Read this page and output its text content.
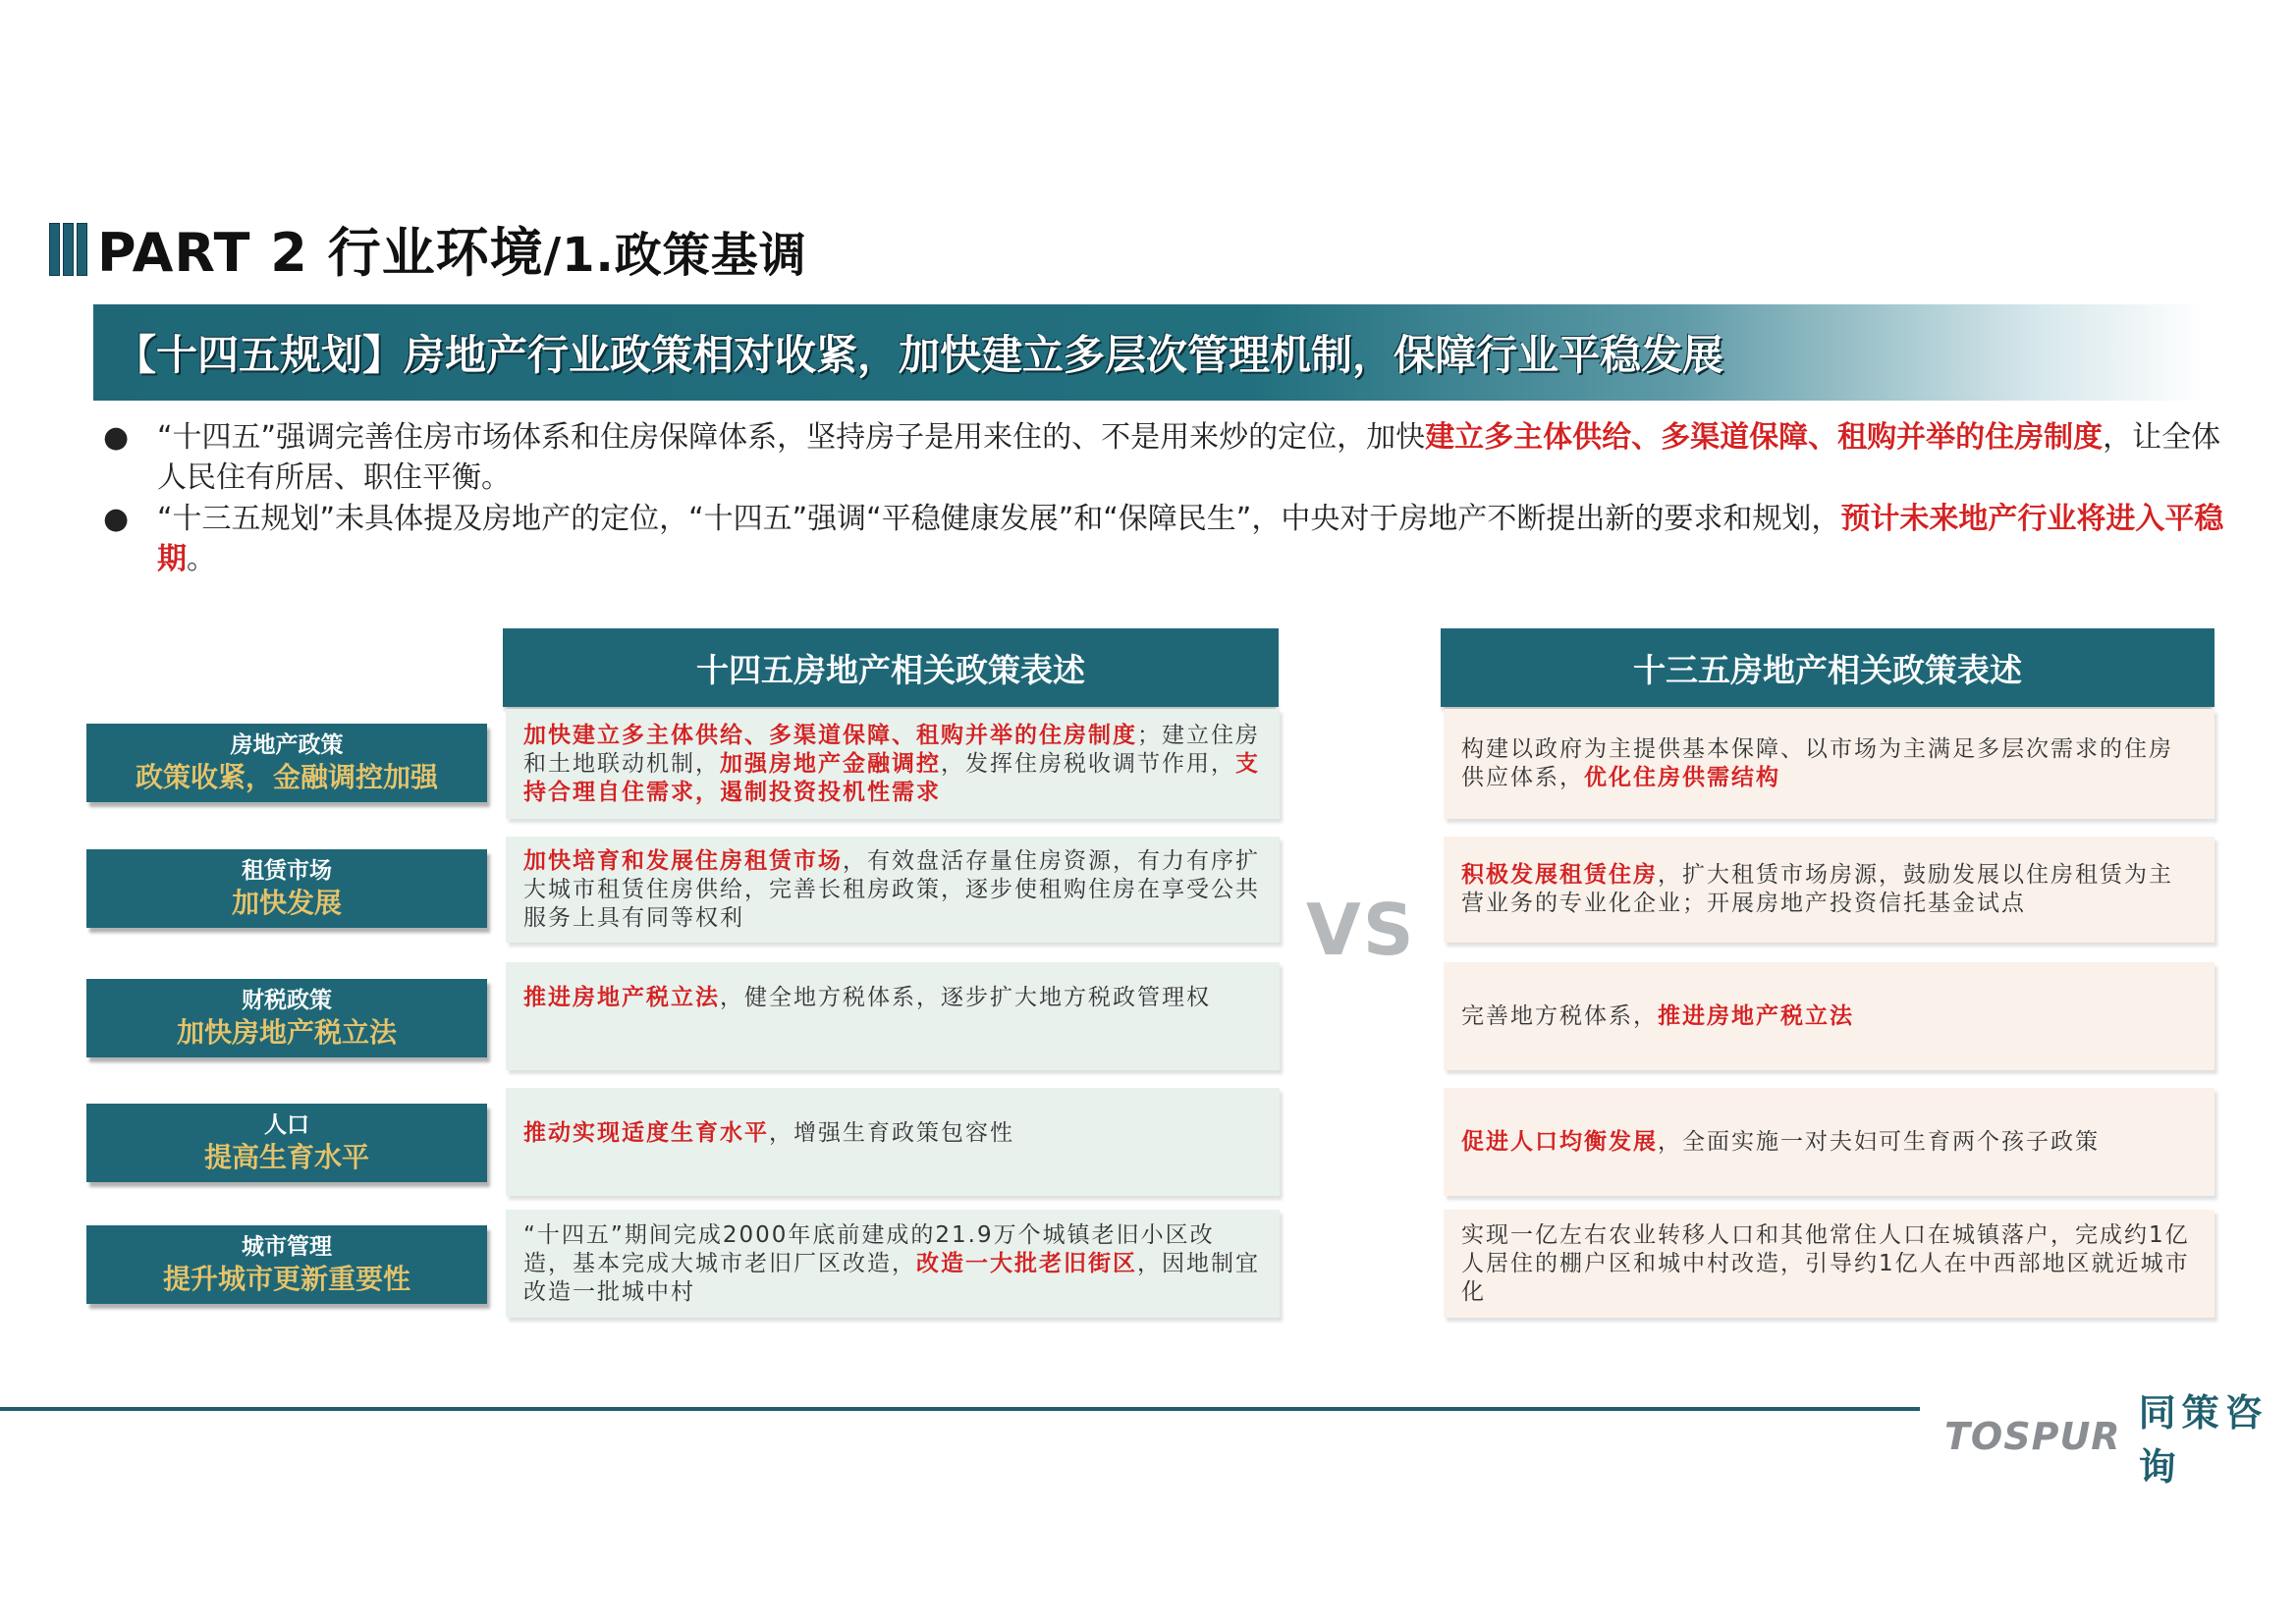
PART 2 行业环境/1.政策基调
【十四五规划】房地产行业政策相对收紧，加快建立多层次管理机制，保障行业平稳发展
● “十四五”强调完善住房市场体系和住房保障体系，坚持房子是用来住的、不是用来炒的定位，加快建立多主体供给、多渠道保障、租购并举的住房制度，让全体人民住有所居、职住平衡。
● “十三五规划”未具体提及房地产的定位，“十四五”强调“平稳健康发展”和“保障民生”，中央对于房地产不断提出新的要求和规划，预计未来地产行业将进入平稳期。
十四五房地产相关政策表述	十三五房地产相关政策表述
VS
房地产政策
政策收紧，金融调控加强
租赁市场
加快发展
财税政策
加快房地产税立法
人口
提高生育水平
城市管理
提升城市更新重要性
加快建立多主体供给、多渠道保障、租购并举的住房制度；建立住房和土地联动机制，加强房地产金融调控，发挥住房税收调节作用，支持合理自住需求，遏制投资投机性需求
加快培育和发展住房租赁市场，有效盘活存量住房资源，有力有序扩大城市租赁住房供给，完善长租房政策，逐步使租购住房在享受公共服务上具有同等权利
推进房地产税立法，健全地方税体系，逐步扩大地方税政管理权
推动实现适度生育水平，增强生育政策包容性
“十四五”期间完成2000年底前建成的21.9万个城镇老旧小区改造，基本完成大城市老旧厂区改造，改造一大批老旧街区，因地制宜改造一批城中村
构建以政府为主提供基本保障、以市场为主满足多层次需求的住房供应体系，优化住房供需结构
积极发展租赁住房，扩大租赁市场房源，鼓励发展以住房租赁为主营业务的专业化企业；开展房地产投资信托基金试点
完善地方税体系，推进房地产税立法
促进人口均衡发展，全面实施一对夫妇可生育两个孩子政策
实现一亿左右农业转移人口和其他常住人口在城镇落户，完成约1亿人居住的棚户区和城中村改造，引导约1亿人在中西部地区就近城市化
TOSPUR
同策咨询
